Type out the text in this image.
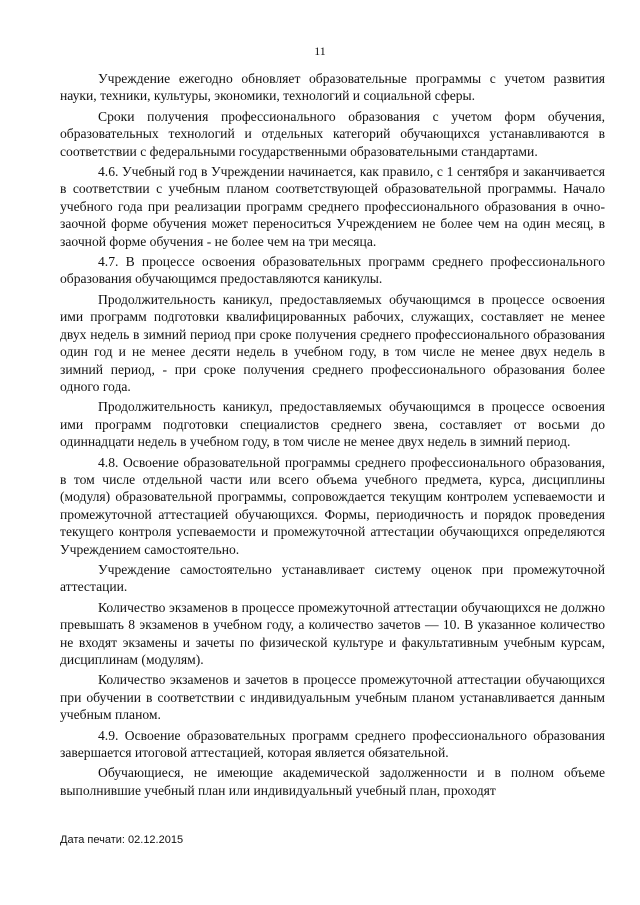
11

Учреждение ежегодно обновляет образовательные программы с учетом развития науки, техники, культуры, экономики, технологий и социальной сферы.

Сроки получения профессионального образования с учетом форм обучения, образовательных технологий и отдельных категорий обучающихся устанавливаются в соответствии с федеральными государственными образовательными стандартами.

4.6. Учебный год в Учреждении начинается, как правило, с 1 сентября и заканчивается в соответствии с учебным планом соответствующей образовательной программы. Начало учебного года при реализации программ среднего профессионального образования в очно-заочной форме обучения может переноситься Учреждением не более чем на один месяц, в заочной форме обучения - не более чем на три месяца.

4.7. В процессе освоения образовательных программ среднего профессионального образования обучающимся предоставляются каникулы.

Продолжительность каникул, предоставляемых обучающимся в процессе освоения ими программ подготовки квалифицированных рабочих, служащих, составляет не менее двух недель в зимний период при сроке получения среднего профессионального образования один год и не менее десяти недель в учебном году, в том числе не менее двух недель в зимний период, - при сроке получения среднего профессионального образования более одного года.

Продолжительность каникул, предоставляемых обучающимся в процессе освоения ими программ подготовки специалистов среднего звена, составляет от восьми до одиннадцати недель в учебном году, в том числе не менее двух недель в зимний период.

4.8. Освоение образовательной программы среднего профессионального образования, в том числе отдельной части или всего объема учебного предмета, курса, дисциплины (модуля) образовательной программы, сопровождается текущим контролем успеваемости и промежуточной аттестацией обучающихся. Формы, периодичность и порядок проведения текущего контроля успеваемости и промежуточной аттестации обучающихся определяются Учреждением самостоятельно.

Учреждение самостоятельно устанавливает систему оценок при промежуточной аттестации.

Количество экзаменов в процессе промежуточной аттестации обучающихся не должно превышать 8 экзаменов в учебном году, а количество зачетов — 10. В указанное количество не входят экзамены и зачеты по физической культуре и факультативным учебным курсам, дисциплинам (модулям).

Количество экзаменов и зачетов в процессе промежуточной аттестации обучающихся при обучении в соответствии с индивидуальным учебным планом устанавливается данным учебным планом.

4.9. Освоение образовательных программ среднего профессионального образования завершается итоговой аттестацией, которая является обязательной.

Обучающиеся, не имеющие академической задолженности и в полном объеме выполнившие учебный план или индивидуальный учебный план, проходят

Дата печати: 02.12.2015
